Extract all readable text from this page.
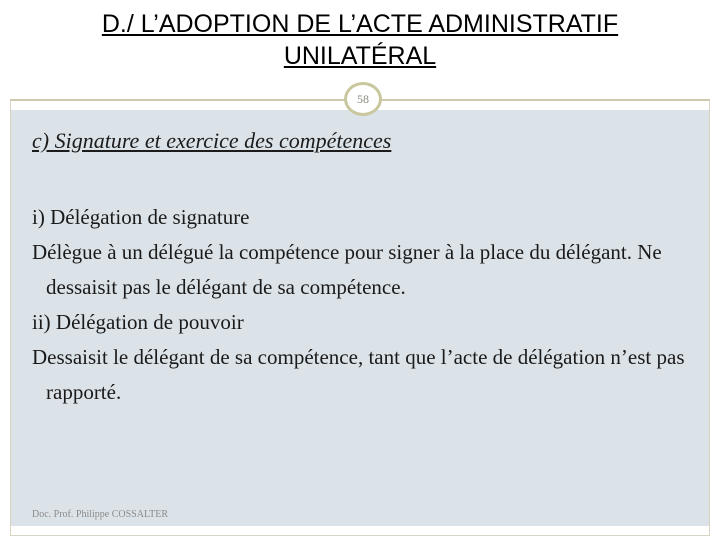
D./ L’ADOPTION DE L’ACTE ADMINISTRATIF
UNILATÉRAL
58
c) Signature et exercice des compétences
i) Délégation de signature
Délègue à un délégué la compétence pour signer à la place du délégant. Ne dessaisit pas le délégant de sa compétence.
ii) Délégation de pouvoir
Dessaisit le délégant de sa compétence, tant que l’acte de délégation n’est pas rapporté.
Doc. Prof. Philippe COSSALTER
